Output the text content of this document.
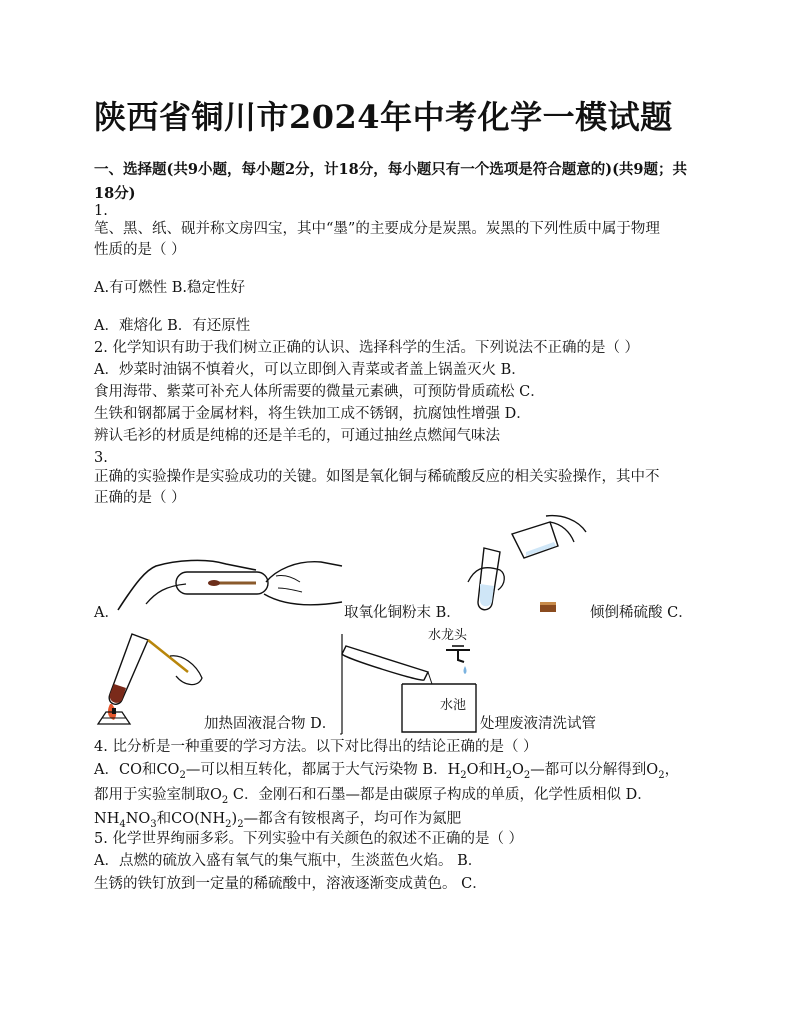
陕西省铜川市2024年中考化学一模试题
一、选择题(共9小题，每小题2分，计18分，每小题只有一个选项是符合题意的)(共9题；共18分)
1.
笔、黑、纸、砚并称文房四宝，其中“墨”的主要成分是炭黑。炭黑的下列性质中属于物理
性质的是（ ）
A.有可燃性 B.稳定性好
A．难熔化 B．有还原性
2. 化学知识有助于我们树立正确的认识、选择科学的生活。下列说法不正确的是（ ）
A．炒菜时油锅不慎着火，可以立即倒入青菜或者盖上锅盖灭火 B．
食用海带、紫菜可补充人体所需要的微量元素碘，可预防骨质疏松 C．
生铁和钢都属于金属材料，将生铁加工成不锈钢，抗腐蚀性增强 D．
辨认毛衫的材质是纯棉的还是羊毛的，可通过抽丝点燃闻气味法
3.
正确的实验操作是实验成功的关键。如图是氧化铜与稀硫酸反应的相关实验操作，其中不
正确的是（ ）
A．	取氧化铜粉末 B．	倾倒稀硫酸 C．
加热固液混合物 D．
水龙头
水池
处理废液清洗试管
4. 比分析是一种重要的学习方法。以下对比得出的结论正确的是（ ）
A．CO和$CO_2—$可以相互转化，都属于大气污染物 B．$H_2O$和$H_2O_2—$都可以分解得到$O_2$，
都用于实验室制取$O_2$ C．金刚石和石墨—都是由碳原子构成的单质，化学性质相似 D．
$NH_4NO_3$和$CO(NH_2)_2—$都含有铵根离子，均可作为氮肥
5. 化学世界绚丽多彩。下列实验中有关颜色的叙述不正确的是（ ）
A．点燃的硫放入盛有氧气的集气瓶中，生淡蓝色火焰。 B．
生锈的铁钉放到一定量的稀硫酸中，溶液逐渐变成黄色。 C．
